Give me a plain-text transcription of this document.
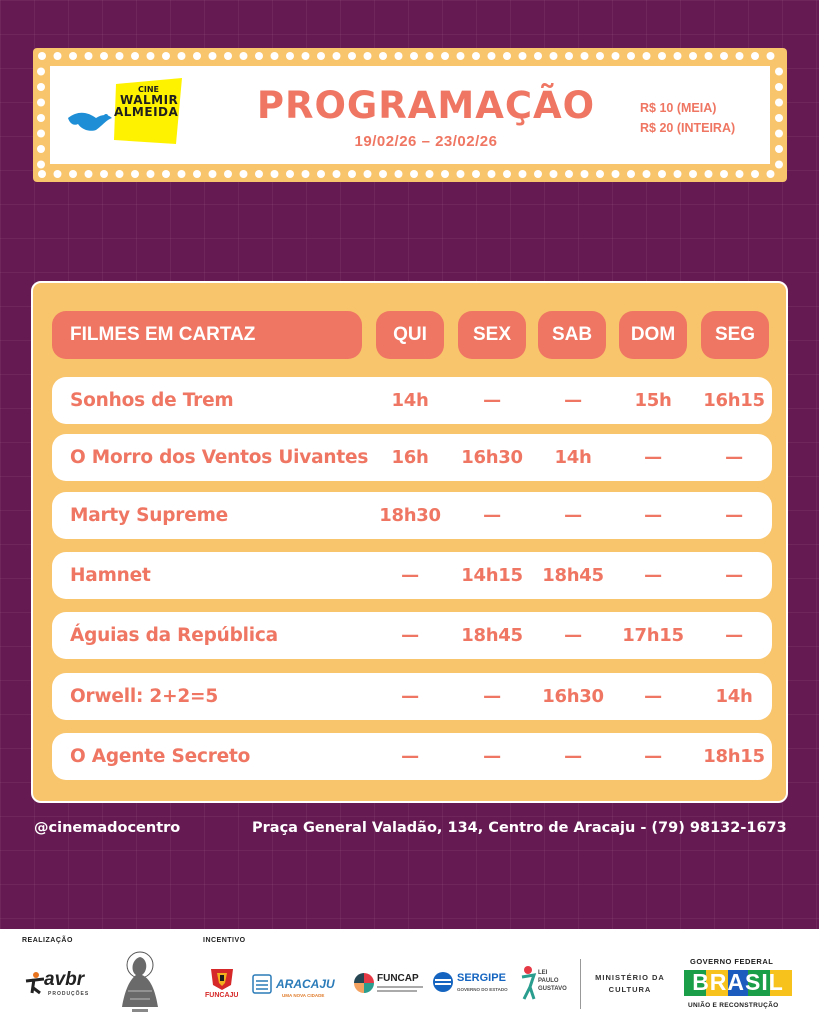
CINE
WALMIR
ALMEIDA PROGRAMAÇÃO
19/02/26 – 23/02/26
R$ 10 (MEIA)
R$ 20 (INTEIRA)
FILMES EM CARTAZ	QUI	SEX	SAB	DOM	SEG
Sonhos de Trem	14h	—	—	15h	16h15
O Morro dos Ventos Uivantes	16h	16h30	14h	—	—
Marty Supreme	18h30	—	—	—	—
Hamnet	—	14h15	18h45	—	—
Águias da República	—	18h45	—	17h15	—
Orwell: 2+2=5	—	—	16h30	—	14h
O Agente Secreto	—	—	—	—	18h15
@cinemadocentro	Praça General Valadão, 134, Centro de Aracaju - (79) 98132-1673
REALIZAÇÃO	INCENTIVO
avbr
PRODUÇÕES	FUNCAJU
ARACAJU
UMA NOVA CIDADE
FUNCAP	SERGIPE
GOVERNO DO ESTADO
LEI
PAULO
GUSTAVO
MINISTÉRIO DA
CULTURA
GOVERNO FEDERAL
BRASIL
UNIÃO E RECONSTRUÇÃO
